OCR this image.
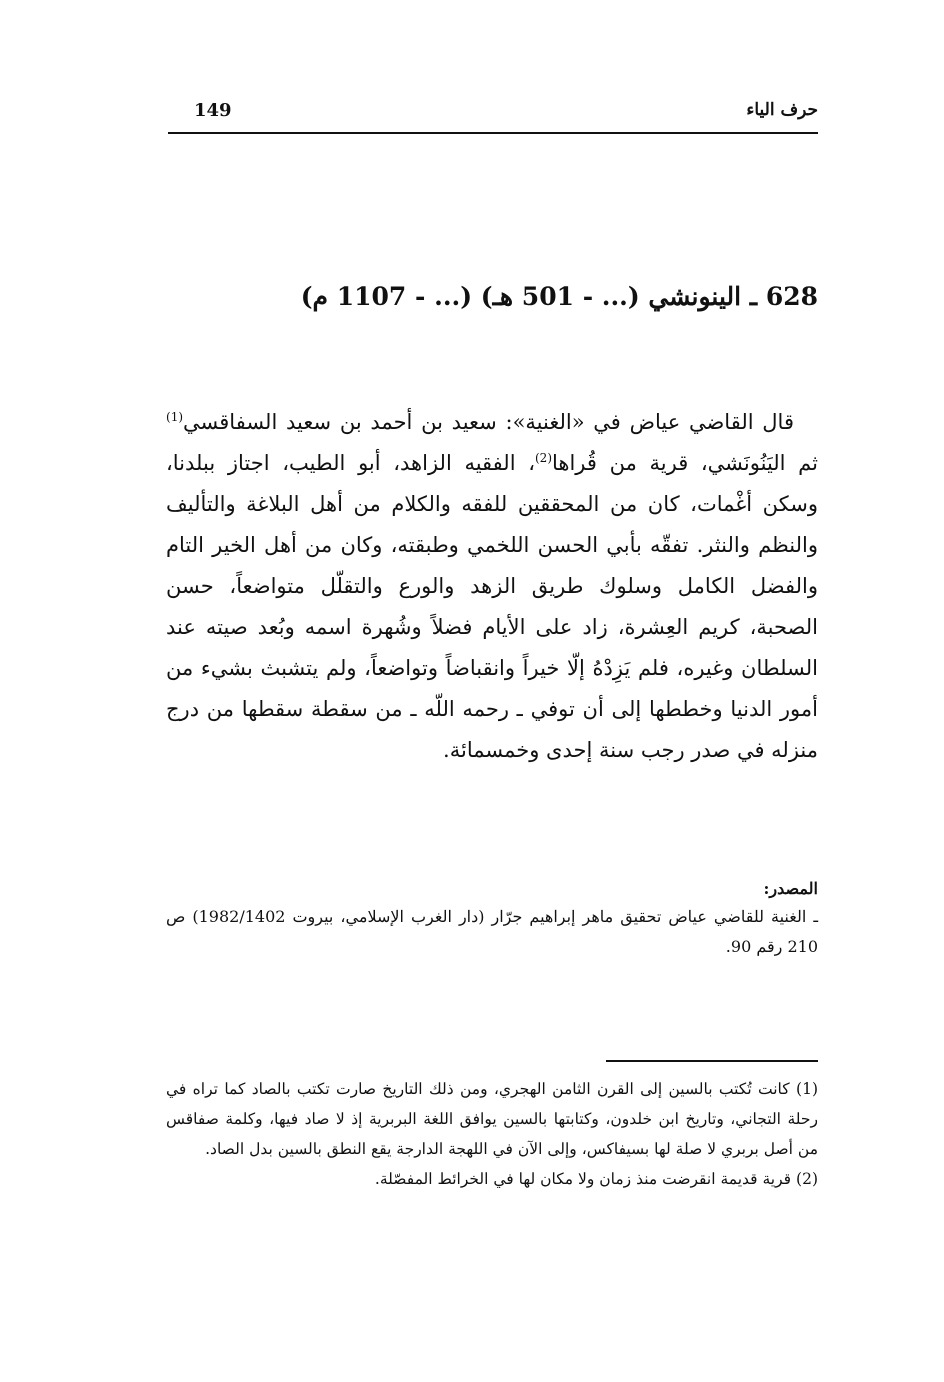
حرف الياء
149
628 ـ الينونشي (... - 501 هـ) (... - 1107 م)

قال القاضي عياض في «الغنية»: سعيد بن أحمد بن سعيد السفاقسي$^{(1)}$ ثم اليَنُونَشي، قرية من قُراها$^{(2)}$، الفقيه الزاهد، أبو الطيب، اجتاز ببلدنا، وسكن أغْمات، كان من المحققين للفقه والكلام من أهل البلاغة والتأليف والنظم والنثر. تفقّه بأبي الحسن اللخمي وطبقته، وكان من أهل الخير التام والفضل الكامل وسلوك طريق الزهد والورع والتقلّل متواضعاً، حسن الصحبة، كريم العِشرة، زاد على الأيام فضلاً وشُهرة اسمه وبُعد صيته عند السلطان وغيره، فلم يَزِدْهُ إلّا خيراً وانقباضاً وتواضعاً، ولم يتشبث بشيء من أمور الدنيا وخططها إلى أن توفي ـ رحمه اللّه ـ من سقطة سقطها من درج منزله في صدر رجب سنة إحدى وخمسمائة.

المصدر:
ـ الغنية للقاضي عياض تحقيق ماهر إبراهيم جرّار (دار الغرب الإسلامي، بيروت 1982/1402) ص 210 رقم 90.

(1) كانت تُكتب بالسين إلى القرن الثامن الهجري، ومن ذلك التاريخ صارت تكتب بالصاد كما تراه في رحلة التجاني، وتاريخ ابن خلدون، وكتابتها بالسين يوافق اللغة البربرية إذ لا صاد فيها، وكلمة صفاقس من أصل بربري لا صلة لها بسيفاكس، وإلى الآن في اللهجة الدارجة يقع النطق بالسين بدل الصاد.

(2) قرية قديمة انقرضت منذ زمان ولا مكان لها في الخرائط المفصّلة.
